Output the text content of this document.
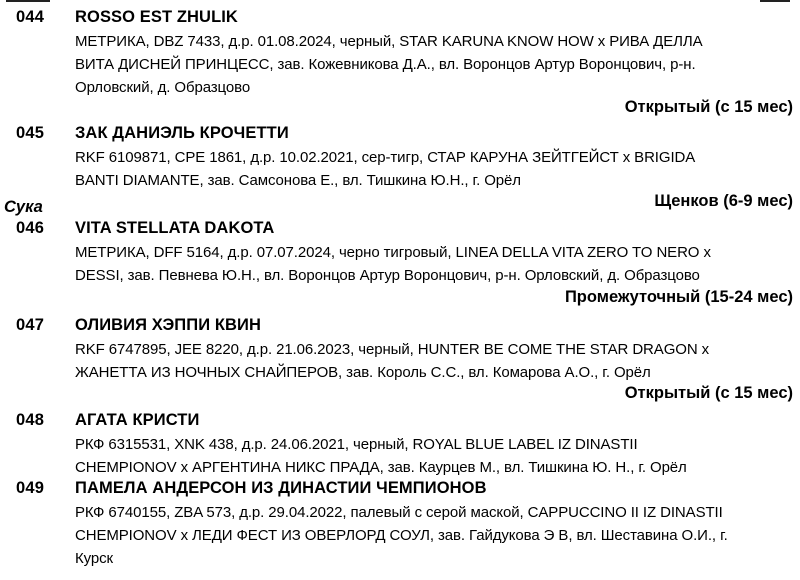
044 ROSSO EST ZHULIK
МЕТРИКА, DBZ 7433, д.р. 01.08.2024, черный, STAR KARUNA KNOW HOW x РИВА ДЕЛЛА
ВИТА ДИСНЕЙ ПРИНЦЕСС, зав. Кожевникова Д.А., вл. Воронцов Артур Воронцович, р-н.
Орловский, д. Образцово
Открытый (с 15 мес)
045 ЗАК ДАНИЭЛЬ КРОЧЕТТИ
RKF 6109871, CPE 1861, д.р. 10.02.2021, сер-тигр, СТАР КАРУНА ЗЕЙТГЕЙСТ x BRIGIDA
BANTI DIAMANTE, зав. Самсонова Е., вл. Тишкина Ю.Н., г. Орёл
Сука	Щенков (6-9 мес)
046 VITA STELLATA DAKOTA
МЕТРИКА, DFF 5164, д.р. 07.07.2024, черно тигровый, LINEA DELLA VITA ZERO TO NERO x
DESSI, зав. Певнева Ю.Н., вл. Воронцов Артур Воронцович, р-н. Орловский, д. Образцово
Промежуточный (15-24 мес)
047 ОЛИВИЯ ХЭППИ КВИН
RKF 6747895, JEE 8220, д.р. 21.06.2023, черный, HUNTER BE COME THE STAR DRAGON x
ЖАНЕТТА ИЗ НОЧНЫХ СНАЙПЕРОВ, зав. Король С.С., вл. Комарова А.О., г. Орёл
Открытый (с 15 мес)
048 АГАТА КРИСТИ
РКФ 6315531, XNK 438, д.р. 24.06.2021, черный, ROYAL BLUE LABEL IZ DINASTII
CHEMPIONOV x АРГЕНТИНА НИКС ПРАДА, зав. Каурцев М., вл. Тишкина Ю. Н., г. Орёл
049 ПАМЕЛА АНДЕРСОН ИЗ ДИНАСТИИ ЧЕМПИОНОВ
РКФ 6740155, ZBA 573, д.р. 29.04.2022, палевый с серой маской, CAPPUCCINO II IZ DINASTII
CHEMPIONOV x ЛЕДИ ФЕСТ ИЗ ОВЕРЛОРД СОУЛ, зав. Гайдукова Э В, вл. Шеставина О.И., г.
Курск
